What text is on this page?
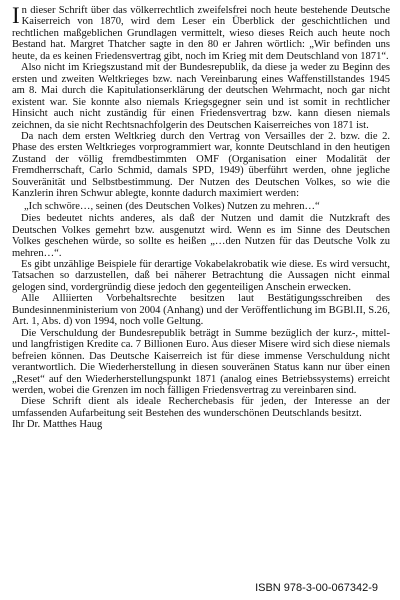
In dieser Schrift über das völkerrechtlich zweifelsfrei noch heute bestehende Deutsche Kaiserreich von 1870, wird dem Leser ein Überblick der geschichtlichen und rechtlichen maßgeblichen Grundlagen vermittelt, wieso dieses Reich auch heute noch Bestand hat. Margret Thatcher sagte in den 80 er Jahren wörtlich: „Wir befinden uns heute, da es keinen Friedensvertrag gibt, noch im Krieg mit dem Deutschland von 1871“.

Also nicht im Kriegszustand mit der Bundesrepublik, da diese ja weder zu Beginn des ersten und zweiten Weltkrieges bzw. nach Vereinbarung eines Waffenstillstandes 1945 am 8. Mai durch die Kapitulationserklärung der deutschen Wehrmacht, noch gar nicht existent war. Sie konnte also niemals Kriegsgegner sein und ist somit in rechtlicher Hinsicht auch nicht zuständig für einen Friedensvertrag bzw. kann diesen niemals zeichnen, da sie nicht Rechtsnachfolgerin des Deutschen Kaiserreiches von 1871 ist.

Da nach dem ersten Weltkrieg durch den Vertrag von Versailles der 2. bzw. die 2. Phase des ersten Weltkrieges vorprogrammiert war, konnte Deutschland in den heutigen Zustand der völlig fremdbestimmten OMF (Organisation einer Modalität der Fremdherrschaft, Carlo Schmid, damals SPD, 1949) überführt werden, ohne jegliche Souveränität und Selbstbestimmung. Der Nutzen des Deutschen Volkes, so wie die Kanzlerin ihren Schwur ablegte, konnte dadurch maximiert werden:

„Ich schwöre…, seinen (des Deutschen Volkes) Nutzen zu mehren…“

Dies bedeutet nichts anderes, als daß der Nutzen und damit die Nutzkraft des Deutschen Volkes gemehrt bzw. ausgenutzt wird. Wenn es im Sinne des Deutschen Volkes geschehen würde, so sollte es heißen „…den Nutzen für das Deutsche Volk zu mehren…“.

Es gibt unzählige Beispiele für derartige Vokabelakrobatik wie diese. Es wird versucht, Tatsachen so darzustellen, daß bei näherer Betrachtung die Aussagen nicht einmal gelogen sind, vordergründig diese jedoch den gegenteiligen Anschein erwecken.

Alle Alliierten Vorbehaltsrechte besitzen laut Bestätigungsschreiben des Bundesinnenministerium von 2004 (Anhang) und der Veröffentlichung im BGBl.II, S.26, Art. 1, Abs. d) von 1994, noch volle Geltung.

Die Verschuldung der Bundesrepublik beträgt in Summe bezüglich der kurz-, mittel- und langfristigen Kredite ca. 7 Billionen Euro. Aus dieser Misere wird sich diese niemals befreien können. Das Deutsche Kaiserreich ist für diese immense Verschuldung nicht verantwortlich. Die Wiederherstellung in diesen souveränen Status kann nur über einen „Reset“ auf den Wiederherstellungspunkt 1871 (analog eines Betriebssystems) erreicht werden, wobei die Grenzen im noch fälligen Friedensvertrag zu vereinbaren sind.

Diese Schrift dient als ideale Recherchebasis für jeden, der Interesse an der umfassenden Aufarbeitung seit Bestehen des wunderschönen Deutschlands besitzt.

Ihr Dr. Matthes Haug

ISBN 978-3-00-067342-9
